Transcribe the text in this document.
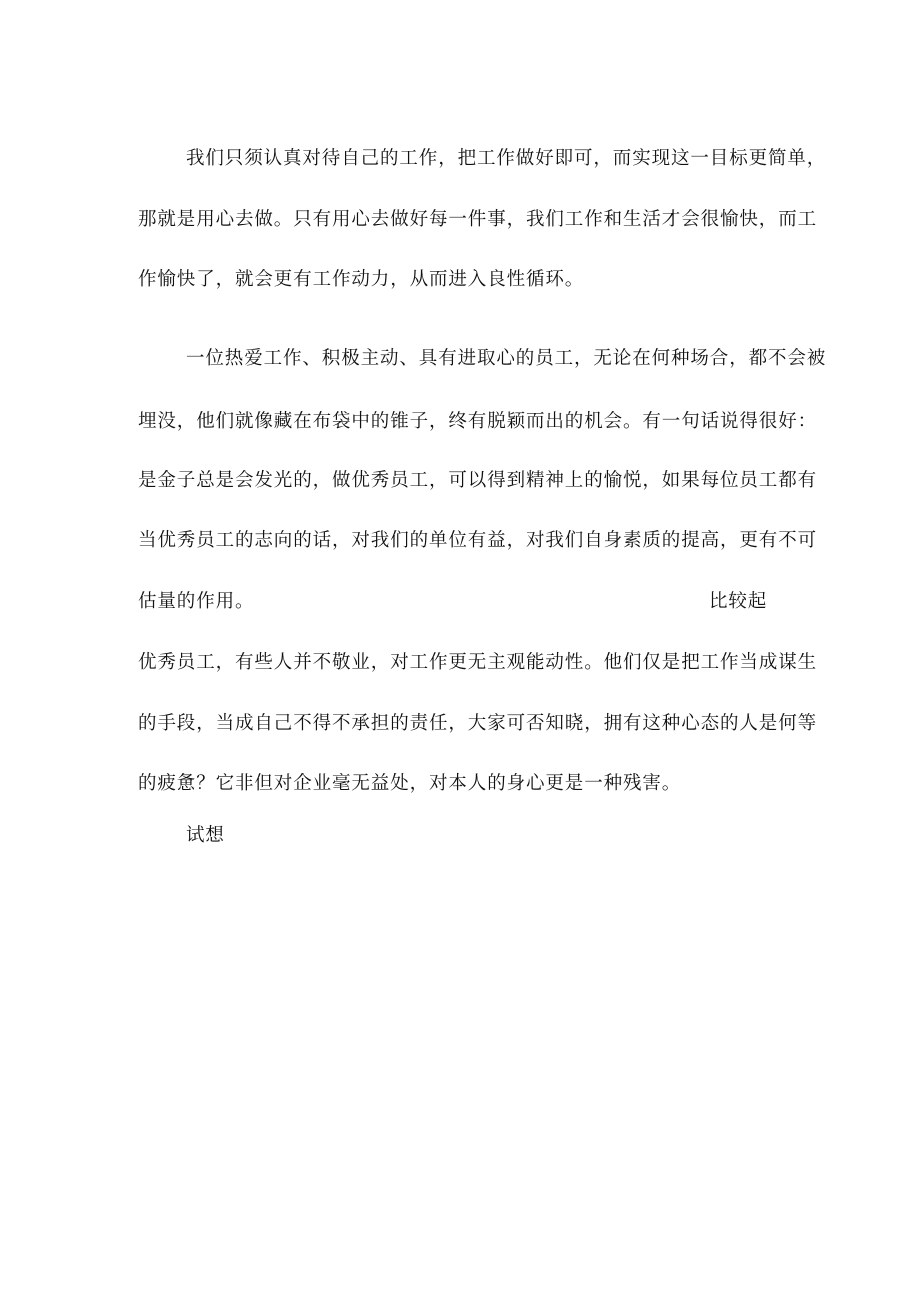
我们只须认真对待自己的工作，把工作做好即可，而实现这一目标更简单，
那就是用心去做。只有用心去做好每一件事，我们工作和生活才会很愉快，而工
作愉快了，就会更有工作动力，从而进入良性循环。
一位热爱工作、积极主动、具有进取心的员工，无论在何种场合，都不会被
埋没，他们就像藏在布袋中的锥子，终有脱颖而出的机会。有一句话说得很好：
是金子总是会发光的，做优秀员工，可以得到精神上的愉悦，如果每位员工都有
当优秀员工的志向的话，对我们的单位有益，对我们自身素质的提高，更有不可
估量的作用。	比较起
优秀员工，有些人并不敬业，对工作更无主观能动性。他们仅是把工作当成谋生
的手段，当成自己不得不承担的责任，大家可否知晓，拥有这种心态的人是何等
的疲惫？它非但对企业毫无益处，对本人的身心更是一种残害。
试想
